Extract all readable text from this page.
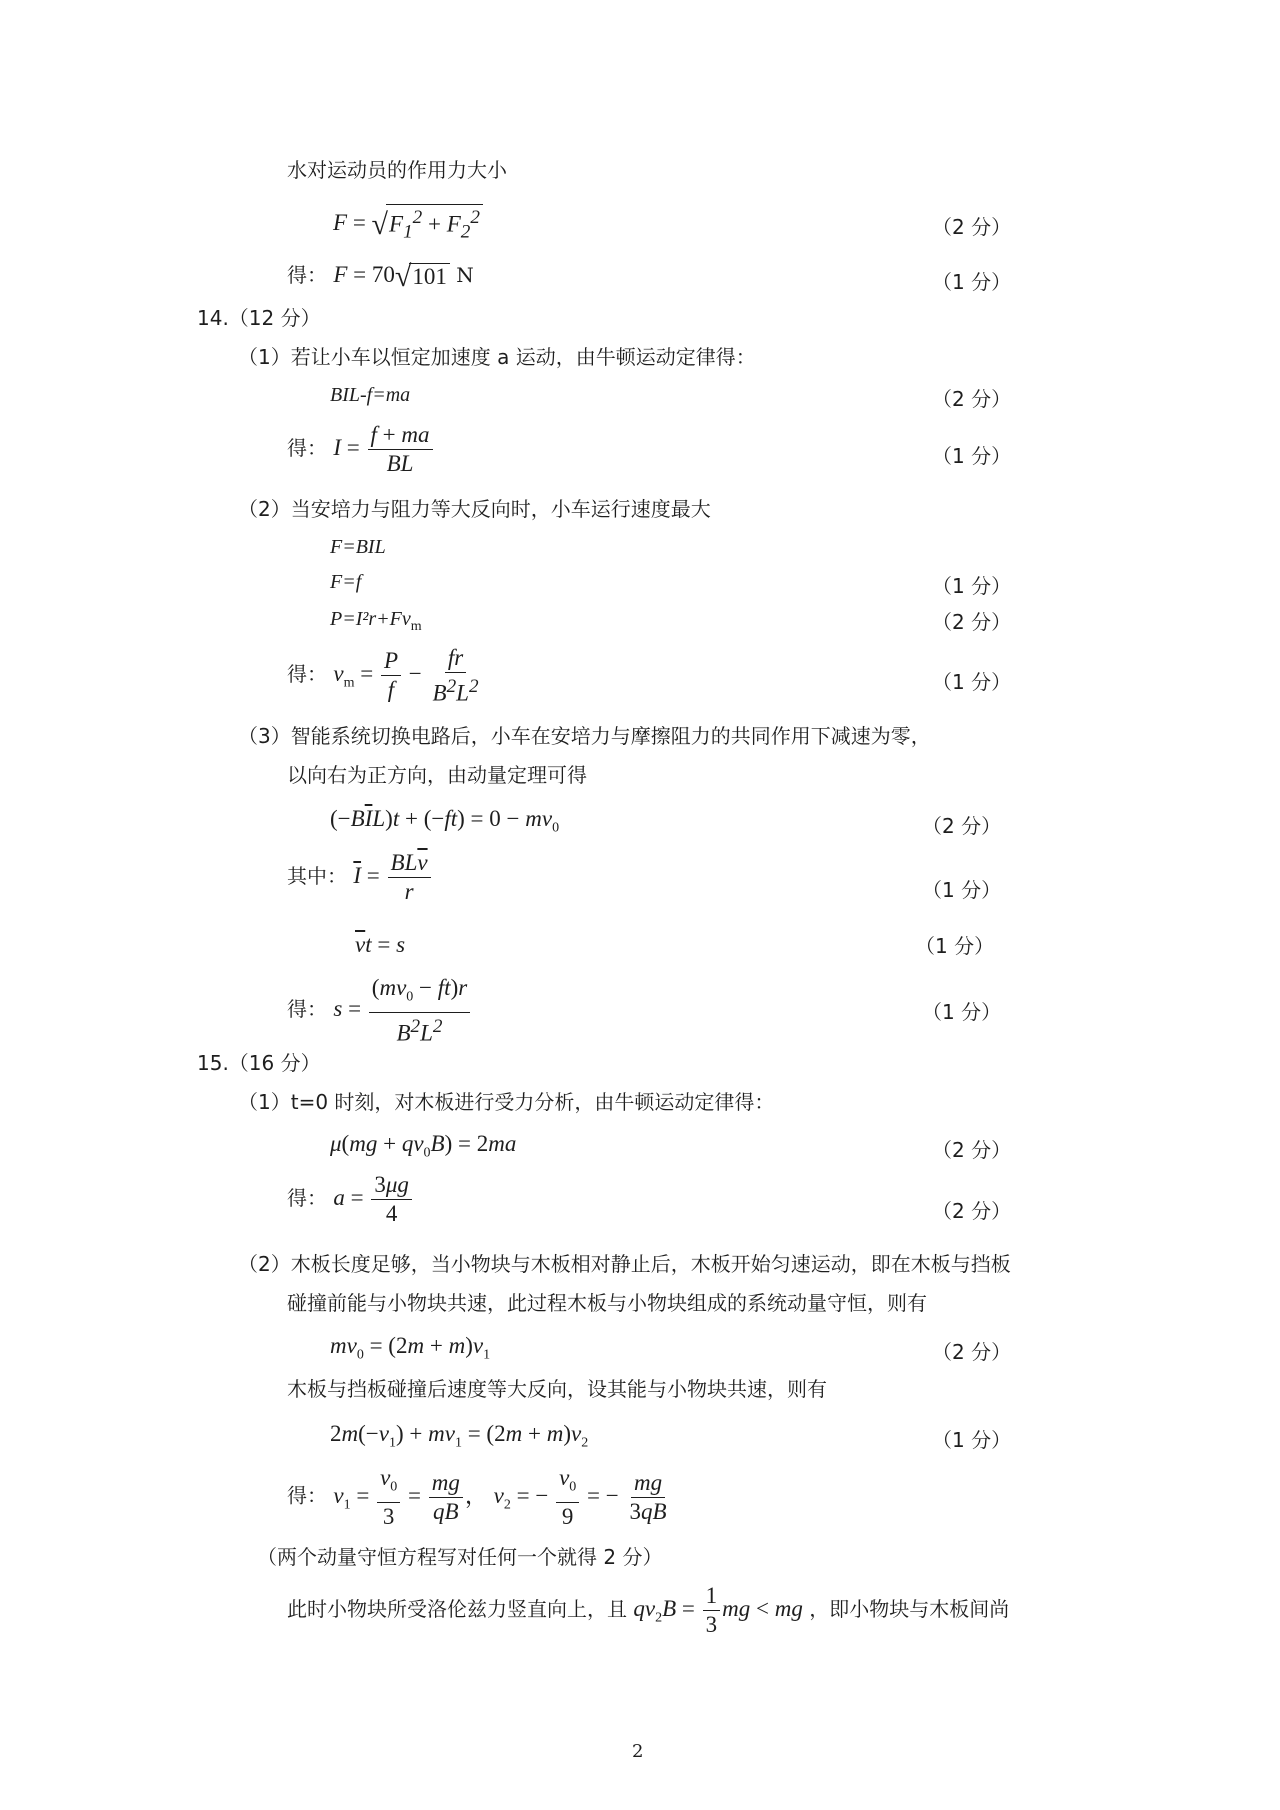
水对运动员的作用力大小
$F = √F_1^2 + F_2^2$	（2 分）
得： F = 70√101 N	（1 分）
14.（12 分）
（1）若让小车以恒定加速度 a 运动，由牛顿运动定律得：
BIL-f=ma	（2 分）
得： $I = \frac{f + ma}{BL}$	（1 分）
（2）当安培力与阻力等大反向时，小车运行速度最大
F=BIL
F=f	（1 分）
$P=I^2r+Fv_m$	（2 分）
得： $v_m = \frac{P}{f} - \frac{fr}{B^2L^2}$	（1 分）
（3）智能系统切换电路后，小车在安培力与摩擦阻力的共同作用下减速为零，
以向右为正方向，由动量定理可得
$(-B\overline{I}L)t + (-ft) = 0 - mv_0$	（2 分）
其中： $\overline{I} = \frac{BL\overline{v}}{r}$	（1 分）
$\overline{v}t = s$	（1 分）
得： $s = \frac{(mv_0 - ft)r}{B^2L^2}$	（1 分）
15.（16 分）
（1）t=0 时刻，对木板进行受力分析，由牛顿运动定律得：
$\mu(mg + qv_0B) = 2ma$	（2 分）
得： $a = \frac{3\mu g}{4}$	（2 分）
（2）木板长度足够，当小物块与木板相对静止后，木板开始匀速运动，即在木板与挡板
碰撞前能与小物块共速，此过程木板与小物块组成的系统动量守恒，则有
$mv_0 = (2m + m)v_1$	（2 分）
木板与挡板碰撞后速度等大反向，设其能与小物块共速，则有
$2m(-v_1) + mv_1 = (2m + m)v_2$	（1 分）
得： $v_1 = \frac{v_0}{3} = \frac{mg}{qB}$ ， $v_2$ = − $\frac{v_0}{9}$ = − $\frac{mg}{3qB}$
（两个动量守恒方程写对任何一个就得 2 分）
此时小物块所受洛伦兹力竖直向上，且 $qv_2B = \frac{1}{3}$ mg < mg ，即小物块与木板间尚
2
